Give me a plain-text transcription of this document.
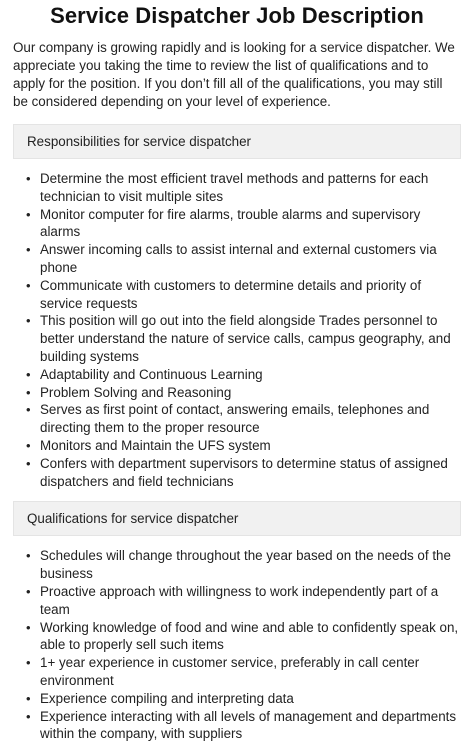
Service Dispatcher Job Description

Our company is growing rapidly and is looking for a service dispatcher. We appreciate you taking the time to review the list of qualifications and to apply for the position. If you don’t fill all of the qualifications, you may still be considered depending on your level of experience.

Responsibilities for service dispatcher
• Determine the most efficient travel methods and patterns for each technician to visit multiple sites
• Monitor computer for fire alarms, trouble alarms and supervisory alarms
• Answer incoming calls to assist internal and external customers via phone
• Communicate with customers to determine details and priority of service requests
• This position will go out into the field alongside Trades personnel to better understand the nature of service calls, campus geography, and building systems
• Adaptability and Continuous Learning
• Problem Solving and Reasoning
• Serves as first point of contact, answering emails, telephones and directing them to the proper resource
• Monitors and Maintain the UFS system
• Confers with department supervisors to determine status of assigned dispatchers and field technicians
Qualifications for service dispatcher
• Schedules will change throughout the year based on the needs of the business
• Proactive approach with willingness to work independently part of a team
• Working knowledge of food and wine and able to confidently speak on, able to properly sell such items
• 1+ year experience in customer service, preferably in call center environment
• Experience compiling and interpreting data
• Experience interacting with all levels of management and departments within the company, with suppliers
